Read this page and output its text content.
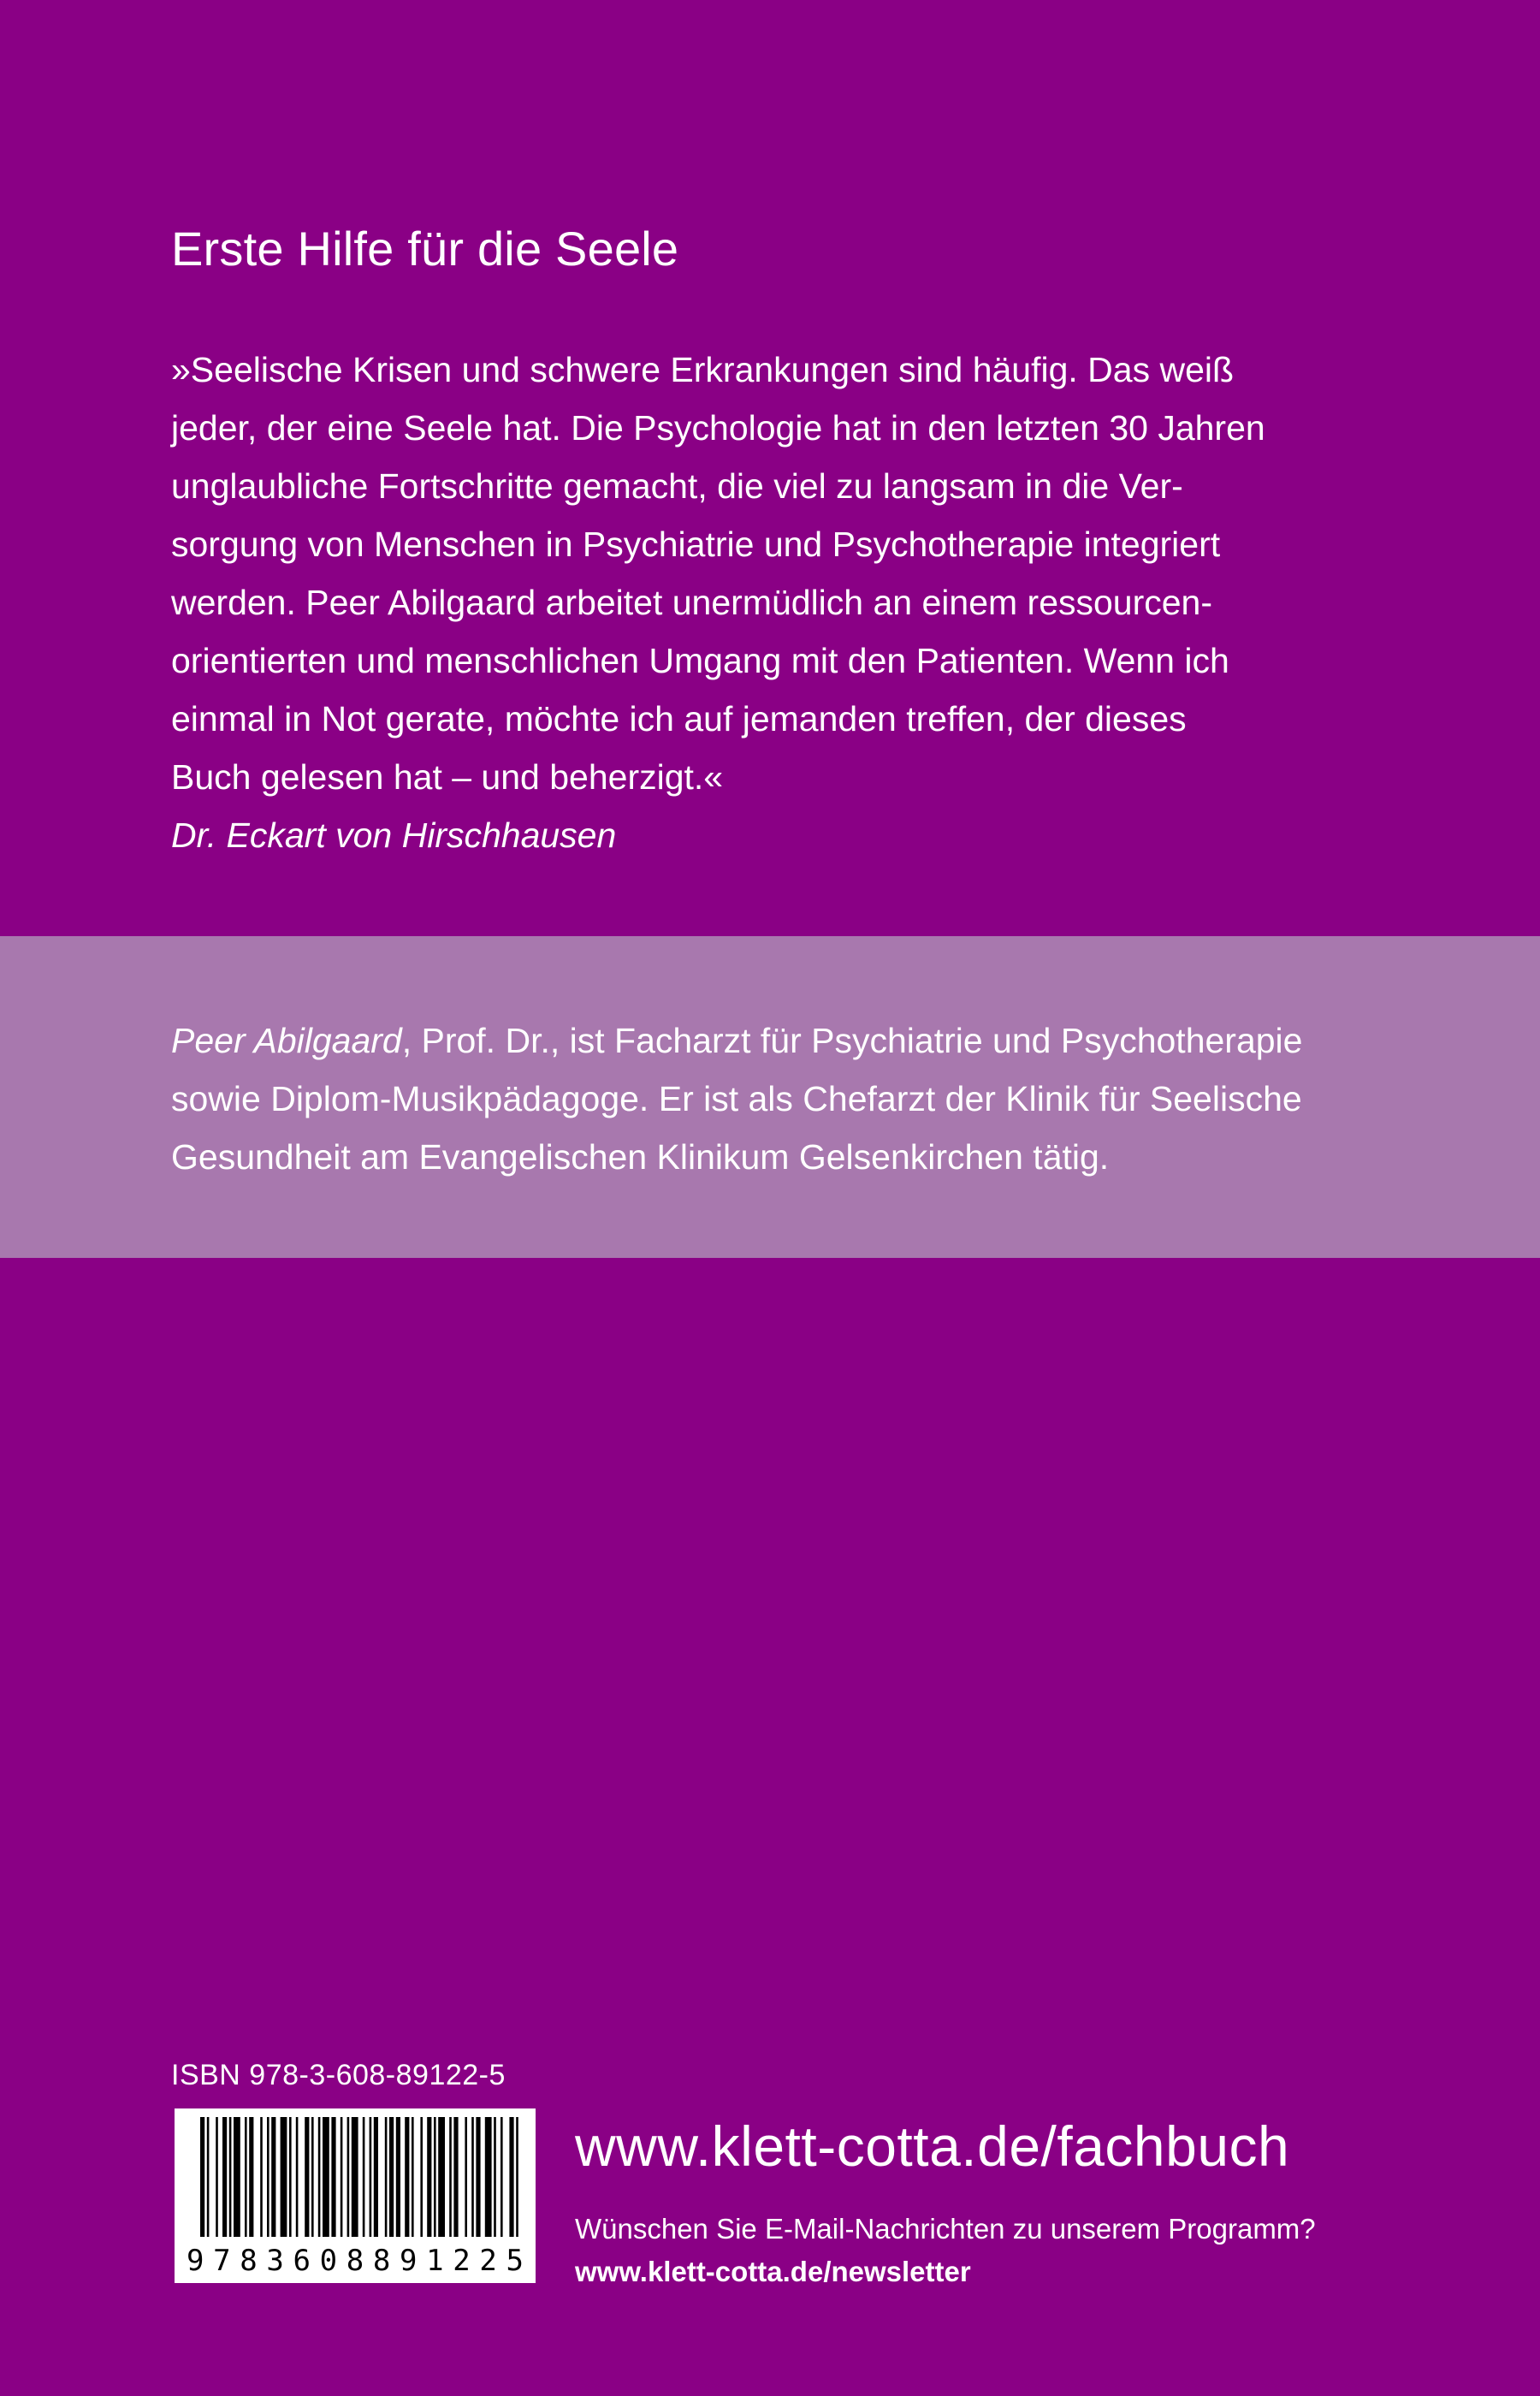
Erste Hilfe für die Seele

»Seelische Krisen und schwere Erkrankungen sind häufig. Das weiß
jeder, der eine Seele hat. Die Psychologie hat in den letzten 30 Jahren
unglaubliche Fortschritte gemacht, die viel zu langsam in die Ver-
sorgung von Menschen in Psychiatrie und Psychotherapie integriert
werden. Peer Abilgaard arbeitet unermüdlich an einem ressourcen-
orientierten und menschlichen Umgang mit den Patienten. Wenn ich
einmal in Not gerate, möchte ich auf jemanden treffen, der dieses
Buch gelesen hat – und beherzigt.«

Dr. Eckart von Hirschhausen

Peer Abilgaard, Prof. Dr., ist Facharzt für Psychiatrie und Psychotherapie
sowie Diplom-Musikpädagoge. Er ist als Chefarzt der Klinik für Seelische
Gesundheit am Evangelischen Klinikum Gelsenkirchen tätig.

ISBN 978-3-608-89122-5
9 7 8 3 6 0 8 8 9 1 2 2 5
www.klett-cotta.de/fachbuch
Wünschen Sie E-Mail-Nachrichten zu unserem Programm?
www.klett-cotta.de/newsletter
